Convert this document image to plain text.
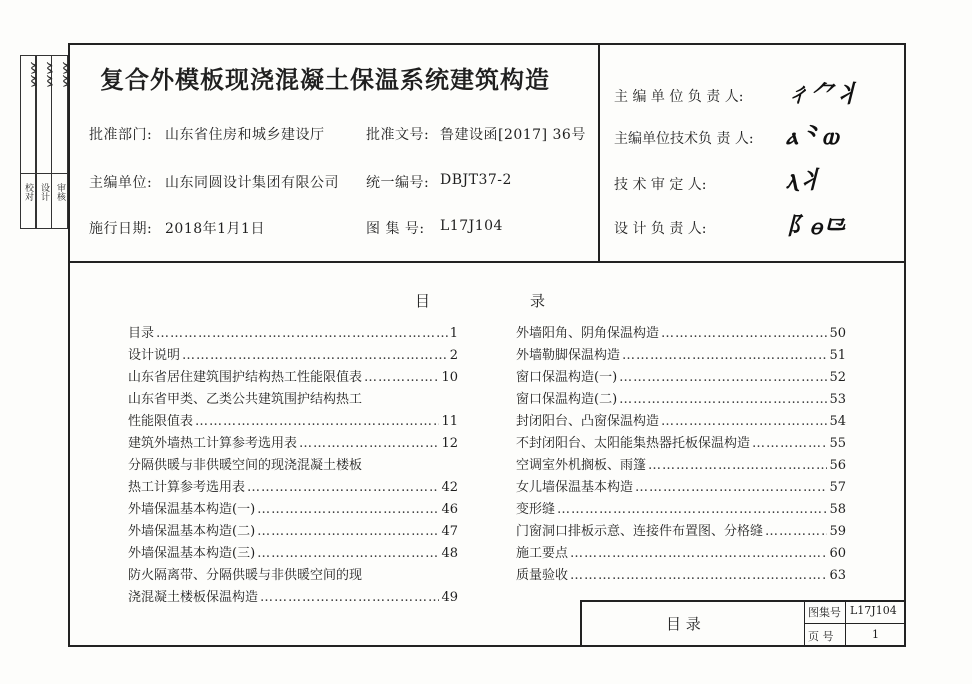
校对 设计 审核
〻〻 〻〻 〻〻 复合外模板现浇混凝土保温系统建筑构造
批准部门: 山东省住房和城乡建设厅	批准文号: 鲁建设函[2017] 36号
主编单位: 山东同圆设计集团有限公司 统一编号: DBJT37-2
施行日期: 2018年1月1日	图 集 号: L17J104
主 编 单 位 负 责 人: ㄔ⺈⺦
主编单位技术负 责 人: ⲁ⺀ⲱ
技 术 审 定 人:	ⲗ⺦
设 计 负 责 人:	⻖ⲑ⺋
目	录
目录 ……………………………………………………………………………………………………………………………………………………………	1
设计说明 ……………………………………………………………………………………………………………………………………………………………	2
山东省居住建筑围护结构热工性能限值表 ……………………………………………………………………………………………………………………………………………………………	10
山东省甲类、乙类公共建筑围护结构热工
性能限值表 ……………………………………………………………………………………………………………………………………………………………	11
建筑外墙热工计算参考选用表 ……………………………………………………………………………………………………………………………………………………………	12
分隔供暖与非供暖空间的现浇混凝土楼板
热工计算参考选用表 ……………………………………………………………………………………………………………………………………………………………	42
外墙保温基本构造(一) ……………………………………………………………………………………………………………………………………………………………	46
外墙保温基本构造(二) ……………………………………………………………………………………………………………………………………………………………	47
外墙保温基本构造(三) ……………………………………………………………………………………………………………………………………………………………	48
防火隔离带、分隔供暖与非供暖空间的现
浇混凝土楼板保温构造 ……………………………………………………………………………………………………………………………………………………………	49
外墙阳角、阴角保温构造 ……………………………………………………………………………………………………………………………………………………………	50
外墙勒脚保温构造 ……………………………………………………………………………………………………………………………………………………………	51
窗口保温构造(一) ……………………………………………………………………………………………………………………………………………………………	52
窗口保温构造(二) ……………………………………………………………………………………………………………………………………………………………	53
封闭阳台、凸窗保温构造 ……………………………………………………………………………………………………………………………………………………………	54
不封闭阳台、太阳能集热器托板保温构造 ……………………………………………………………………………………………………………………………………………………………	55
空调室外机搁板、雨篷 ……………………………………………………………………………………………………………………………………………………………	56
女儿墙保温基本构造 ……………………………………………………………………………………………………………………………………………………………	57
变形缝 ……………………………………………………………………………………………………………………………………………………………	58
门窗洞口排板示意、连接件布置图、分格缝 ……………………………………………………………………………………………………………………………………………………………	59
施工要点 ……………………………………………………………………………………………………………………………………………………………	60
质量验收 ……………………………………………………………………………………………………………………………………………………………	63
目 录
图集号 L17J104
页 号	1
